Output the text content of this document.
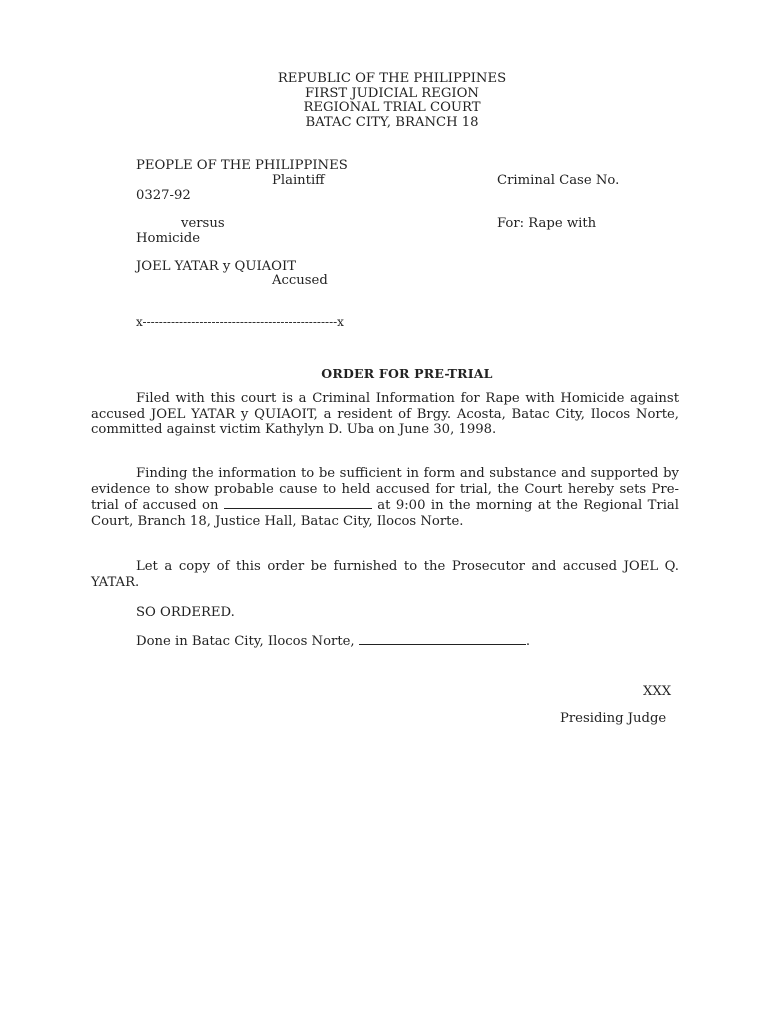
REPUBLIC OF THE PHILIPPINES
FIRST JUDICIAL REGION
REGIONAL TRIAL COURT
BATAC CITY, BRANCH 18
PEOPLE OF THE PHILIPPINES
Plaintiff	Criminal Case No.
0327-92
versus	For: Rape with
Homicide
JOEL YATAR y QUIAOIT
Accused
x------------------------------------------------x
ORDER FOR PRE-TRIAL

Filed with this court is a Criminal Information for Rape with Homicide against accused JOEL YATAR y QUIAOIT, a resident of Brgy. Acosta, Batac City, Ilocos Norte, committed against victim Kathylyn D. Uba on June 30, 1998.

Finding the information to be sufficient in form and substance and supported by evidence to show probable cause to held accused for trial, the Court hereby sets Pre-trial of accused on	at 9:00 in the morning at the Regional Trial Court, Branch 18, Justice Hall, Batac City, Ilocos Norte.

Let a copy of this order be furnished to the Prosecutor and accused JOEL Q. YATAR.

SO ORDERED.
Done in Batac City, Ilocos Norte,	.
XXX
Presiding Judge
